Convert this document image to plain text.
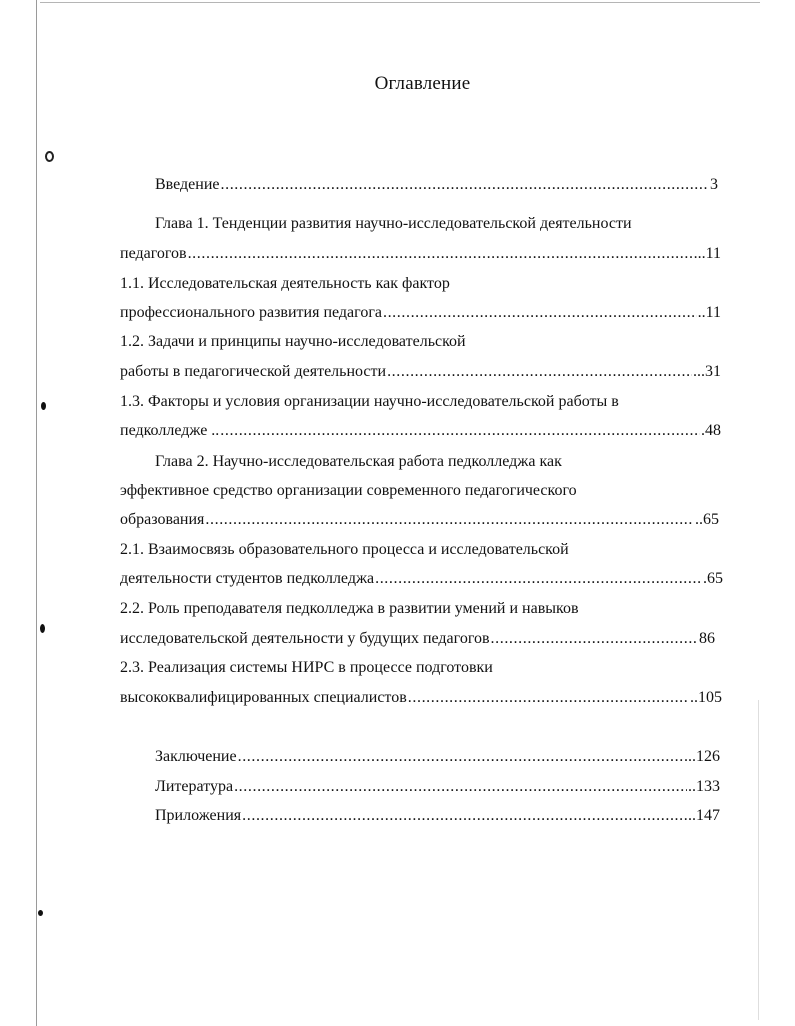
Оглавление
Введение .....	3
Глава 1. Тенденции развития научно-исследовательской деятельности
педагогов .....	..11
1.1. Исследовательская деятельность как фактор
профессионального развития педагога .....	..11
1.2. Задачи и принципы научно-исследовательской
работы в педагогической деятельности .....	...31
1.3. Факторы и условия организации научно-исследовательской работы в
педколледже .. .....	.48
Глава 2. Научно-исследовательская работа педколледжа как
эффективное средство организации современного педагогического
образования .....	..65
2.1. Взаимосвязь образовательного процесса и исследовательской
деятельности студентов педколледжа .....	.65
2.2. Роль преподавателя педколледжа в развитии умений и навыков
исследовательской деятельности у будущих педагогов .....	86
2.3. Реализация системы НИРС в процессе подготовки
высококвалифицированных специалистов .....	..105
Заключение .....	...126
Литература .....	..133
Приложения .....	..147
